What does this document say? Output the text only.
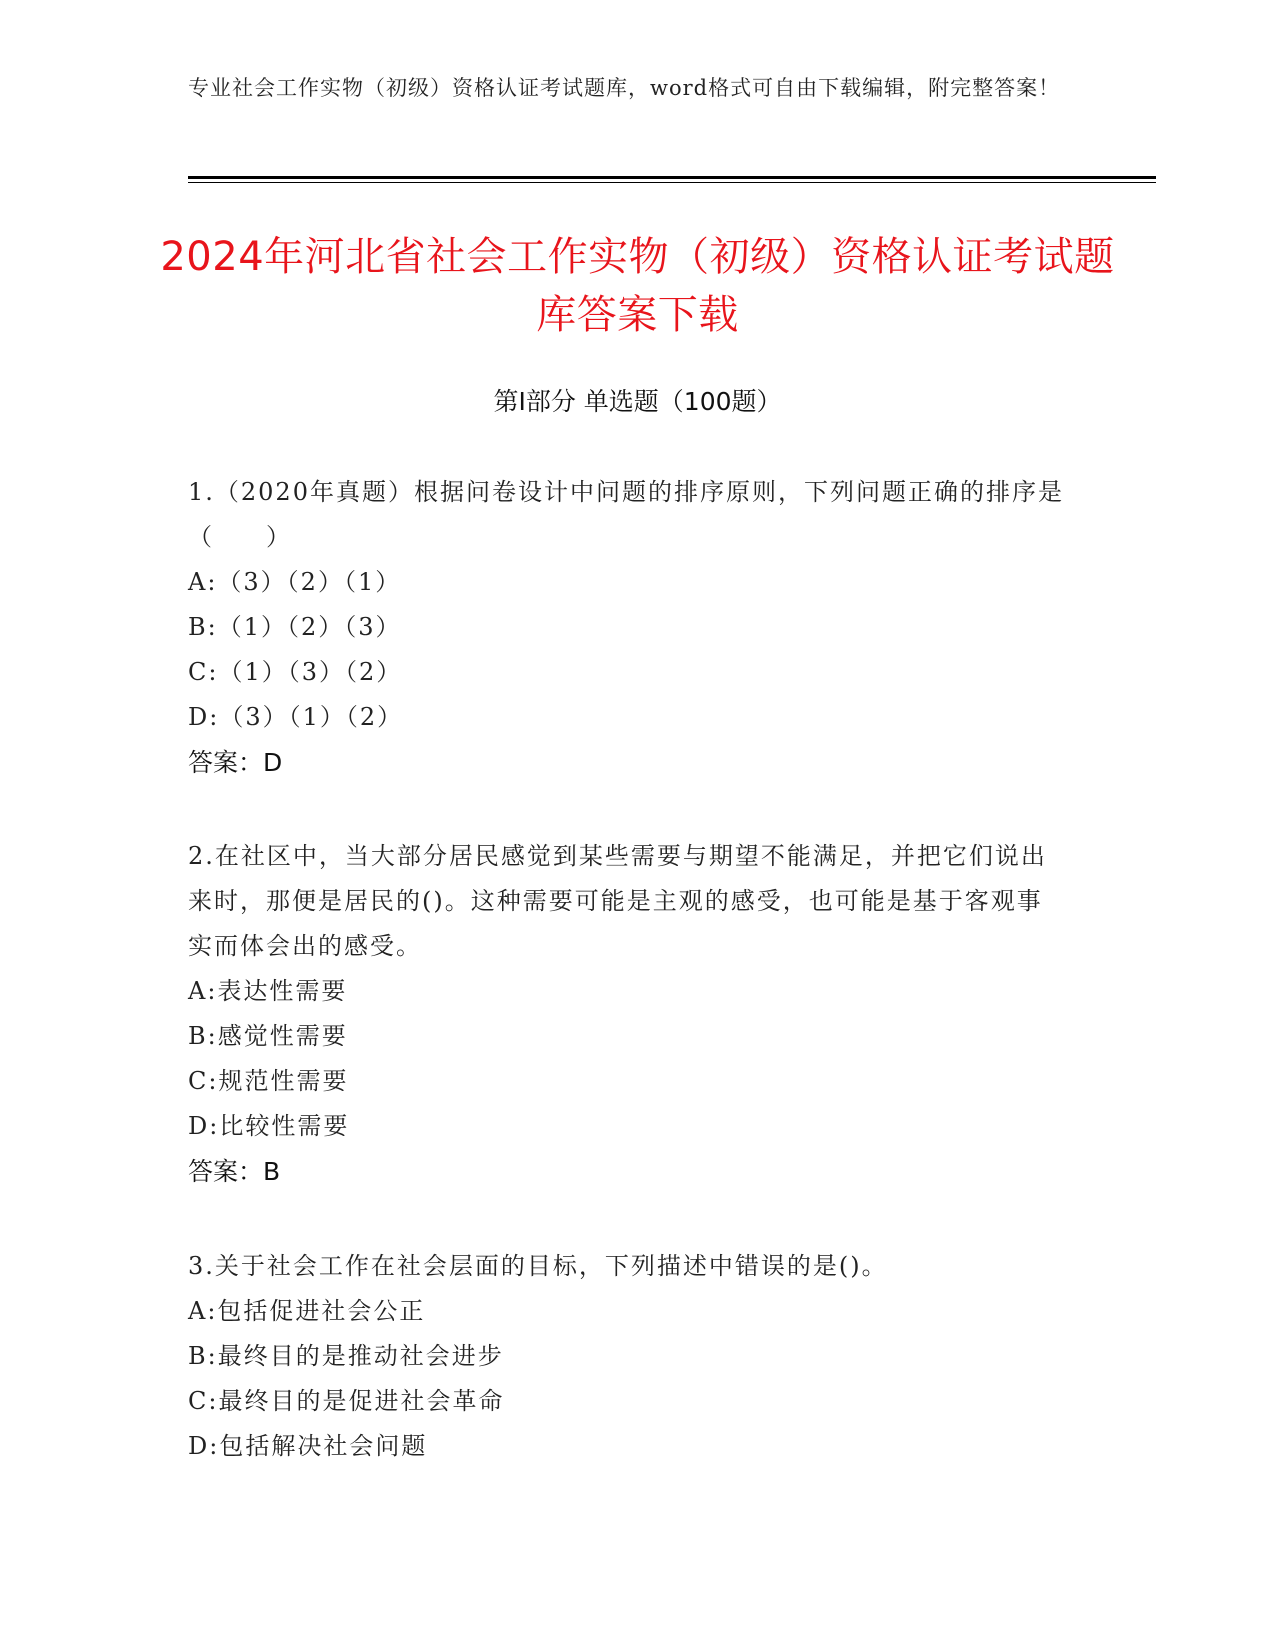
专业社会工作实物（初级）资格认证考试题库，word格式可自由下载编辑，附完整答案！
2024年河北省社会工作实物（初级）资格认证考试题库答案下载
第I部分 单选题（100题）
1.（2020年真题）根据问卷设计中问题的排序原则，下列问题正确的排序是（　　）
A:（3）（2）（1）
B:（1）（2）（3）
C:（1）（3）（2）
D:（3）（1）（2）
答案：D
2.在社区中，当大部分居民感觉到某些需要与期望不能满足，并把它们说出来时，那便是居民的()。这种需要可能是主观的感受，也可能是基于客观事实而体会出的感受。
A:表达性需要
B:感觉性需要
C:规范性需要
D:比较性需要
答案：B
3.关于社会工作在社会层面的目标，下列描述中错误的是()。
A:包括促进社会公正
B:最终目的是推动社会进步
C:最终目的是促进社会革命
D:包括解决社会问题
